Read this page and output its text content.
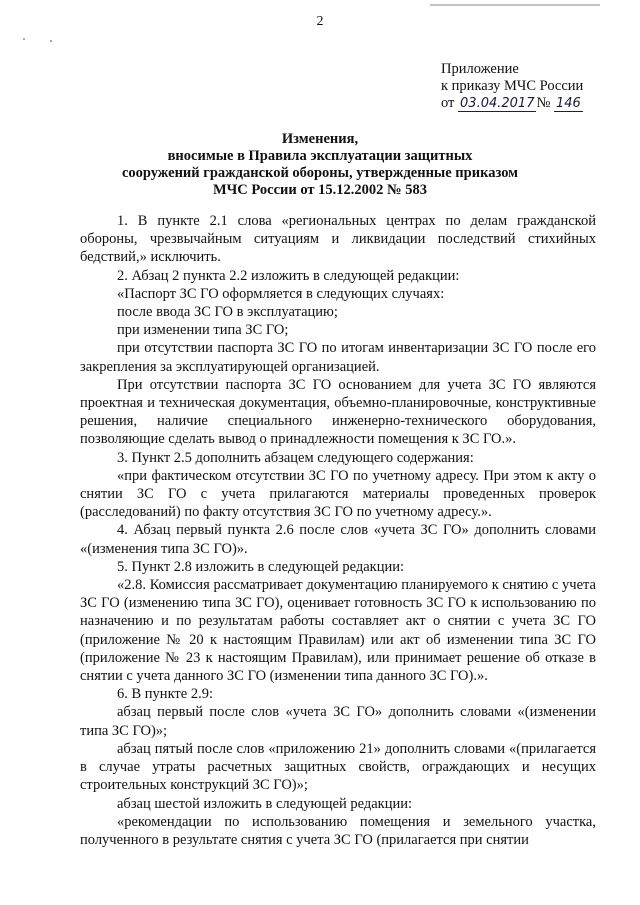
2
Приложение
к приказу МЧС России
от 03.04.2017 № 146
Изменения,
вносимые в Правила эксплуатации защитных
сооружений гражданской обороны, утвержденные приказом
МЧС России от 15.12.2002 № 583

1. В пункте 2.1 слова «региональных центрах по делам гражданской обороны, чрезвычайным ситуациям и ликвидации последствий стихийных бедствий,» исключить.

2. Абзац 2 пункта 2.2 изложить в следующей редакции:

«Паспорт ЗС ГО оформляется в следующих случаях:

после ввода ЗС ГО в эксплуатацию;

при изменении типа ЗС ГО;

при отсутствии паспорта ЗС ГО по итогам инвентаризации ЗС ГО после его закрепления за эксплуатирующей организацией.

При отсутствии паспорта ЗС ГО основанием для учета ЗС ГО являются проектная и техническая документация, объемно-планировочные, конструктивные решения, наличие специального инженерно-технического оборудования, позволяющие сделать вывод о принадлежности помещения к ЗС ГО.».

3. Пункт 2.5 дополнить абзацем следующего содержания:

«при фактическом отсутствии ЗС ГО по учетному адресу. При этом к акту о снятии ЗС ГО с учета прилагаются материалы проведенных проверок (расследований) по факту отсутствия ЗС ГО по учетному адресу.».

4. Абзац первый пункта 2.6 после слов «учета ЗС ГО» дополнить словами «(изменения типа ЗС ГО)».

5. Пункт 2.8 изложить в следующей редакции:

«2.8. Комиссия рассматривает документацию планируемого к снятию с учета ЗС ГО (изменению типа ЗС ГО), оценивает готовность ЗС ГО к использованию по назначению и по результатам работы составляет акт о снятии с учета ЗС ГО (приложение № 20 к настоящим Правилам) или акт об изменении типа ЗС ГО (приложение № 23 к настоящим Правилам), или принимает решение об отказе в снятии с учета данного ЗС ГО (изменении типа данного ЗС ГО).».

6. В пункте 2.9:

абзац первый после слов «учета ЗС ГО» дополнить словами «(изменении типа ЗС ГО)»;

абзац пятый после слов «приложению 21» дополнить словами «(прилагается в случае утраты расчетных защитных свойств, ограждающих и несущих строительных конструкций ЗС ГО)»;

абзац шестой изложить в следующей редакции:

«рекомендации по использованию помещения и земельного участка, полученного в результате снятия с учета ЗС ГО (прилагается при снятии
